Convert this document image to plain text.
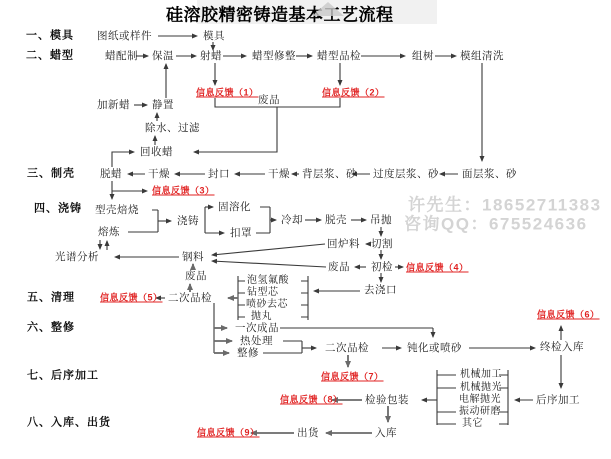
许先生：18652711383
咨询QQ：675524636
硅溶胶精密铸造基本工艺流程
一、模具
二、蜡型
三、制壳
四、浇铸
五、清理
六、整修
七、后序加工
八、入库、出货
图纸或样件	模具
蜡配制 保温 射蜡	蜡型修整 蜡型品检	组树 模组清洗
加新蜡 静置
除水、过滤
回收蜡
废品
脱蜡 干燥	封口	干燥 背层浆、砂 过度层浆、砂 面层浆、砂
型壳焙烧
熔炼
浇铸
固溶化
扣罩
冷却 脱壳 吊抛
回炉料 切割
废品 初检
去浇口
光谱分析	钢料
废品
二次品检
一次成品
热处理
整修	二次品检	钝化或喷砂	终检入库
后序加工
检验包装
入库
出货
泡氢氟酸
钻型芯
喷砂去芯
抛丸
机械加工
机械抛光
电解抛光
振动研磨
其它
信息反馈（1）	信息反馈（2）
信息反馈（3）
信息反馈（4）
信息反馈（5）
信息反馈（6）
信息反馈（7）
信息反馈（8）
信息反馈（9）
